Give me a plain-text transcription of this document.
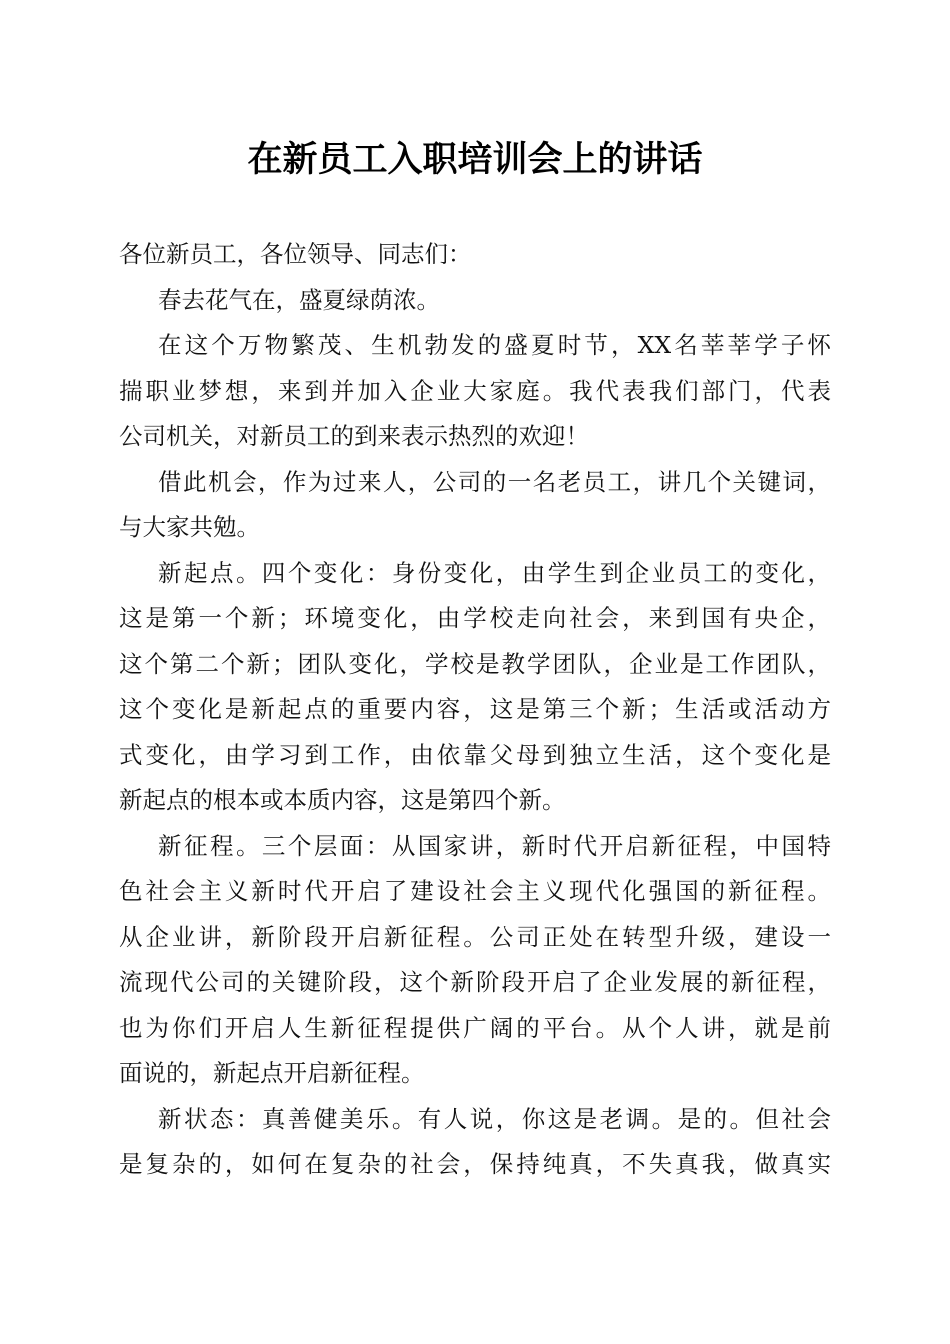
在新员工入职培训会上的讲话
各位新员工，各位领导、同志们：
春去花气在，盛夏绿荫浓。
在这个万物繁茂、生机勃发的盛夏时节，XX名莘莘学子怀
揣职业梦想，来到并加入企业大家庭。我代表我们部门，代表
公司机关，对新员工的到来表示热烈的欢迎！
借此机会，作为过来人，公司的一名老员工，讲几个关键词，
与大家共勉。
新起点。四个变化：身份变化，由学生到企业员工的变化，
这是第一个新；环境变化，由学校走向社会，来到国有央企，
这个第二个新；团队变化，学校是教学团队，企业是工作团队，
这个变化是新起点的重要内容，这是第三个新；生活或活动方
式变化，由学习到工作，由依靠父母到独立生活，这个变化是
新起点的根本或本质内容，这是第四个新。
新征程。三个层面：从国家讲，新时代开启新征程，中国特
色社会主义新时代开启了建设社会主义现代化强国的新征程。
从企业讲，新阶段开启新征程。公司正处在转型升级，建设一
流现代公司的关键阶段，这个新阶段开启了企业发展的新征程，
也为你们开启人生新征程提供广阔的平台。从个人讲，就是前
面说的，新起点开启新征程。
新状态：真善健美乐。有人说，你这是老调。是的。但社会
是复杂的，如何在复杂的社会，保持纯真，不失真我，做真实
